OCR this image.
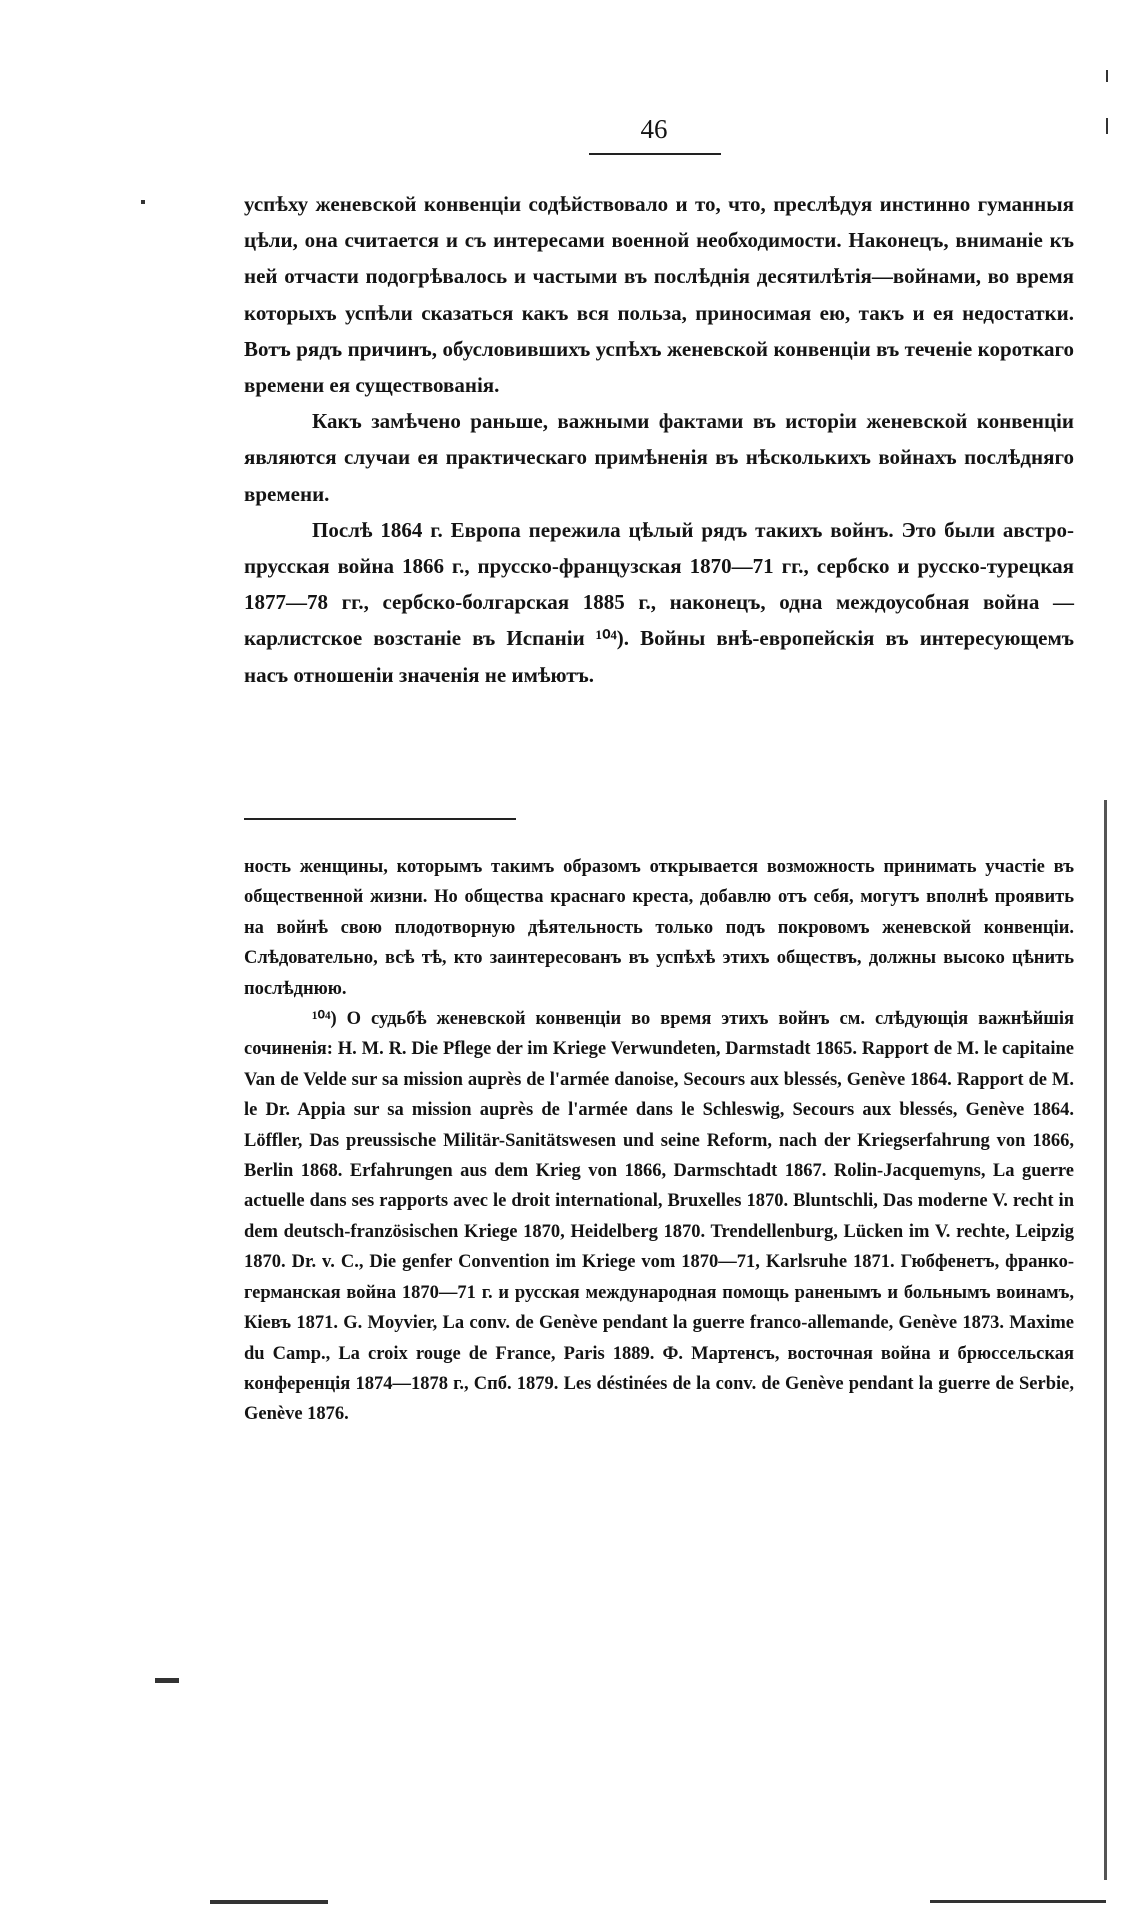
46

успѣху женевской конвенціи содѣйствовало и то, что, преслѣдуя инстинно гуманныя цѣли, она считается и съ интересами военной необходимости. Наконецъ, вниманіе къ ней отчасти подогрѣвалось и частыми въ послѣднія десятилѣтія—войнами, во время которыхъ успѣли сказаться какъ вся польза, приносимая ею, такъ и ея недостатки. Вотъ рядъ причинъ, обусловившихъ успѣхъ женевской конвенціи въ теченіе короткаго времени ея существованія.

Какъ замѣчено раньше, важными фактами въ исторіи женевской конвенціи являются случаи ея практическаго примѣненія въ нѣсколькихъ войнахъ послѣдняго времени.

Послѣ 1864 г. Европа пережила цѣлый рядъ такихъ войнъ. Это были австро-прусская война 1866 г., прусско-французская 1870—71 гг., сербско и русско-турецкая 1877—78 гг., сербско-болгарская 1885 г., наконецъ, одна междоусобная война — карлистское возстаніе въ Испаніи ¹⁰⁴). Войны внѣ-европейскія въ интересующемъ насъ отношеніи значенія не имѣютъ.

ность женщины, которымъ такимъ образомъ открывается возможность принимать участіе въ общественной жизни. Но общества краснаго креста, добавлю отъ себя, могутъ вполнѣ проявить на войнѣ свою плодотворную дѣятельность только подъ покровомъ женевской конвенціи. Слѣдовательно, всѣ тѣ, кто заинтересованъ въ успѣхѣ этихъ обществъ, должны высоко цѣнить послѣднюю.

¹⁰⁴) О судьбѣ женевской конвенціи во время этихъ войнъ см. слѣдующія важнѣйшія сочиненія: H. M. R. Die Pflege der im Kriege Verwundeten, Darmstadt 1865. Rapport de M. le capitaine Van de Velde sur sa mission auprès de l'armée danoise, Secours aux blessés, Genève 1864. Rapport de M. le Dr. Appia sur sa mission auprès de l'armée dans le Schleswig, Secours aux blessés, Genève 1864. Löffler, Das preussische Militär-Sanitätswesen und seine Reform, nach der Kriegserfahrung von 1866, Berlin 1868. Erfahrungen aus dem Krieg von 1866, Darmschtadt 1867. Rolin-Jacquemyns, La guerre actuelle dans ses rapports avec le droit international, Bruxelles 1870. Bluntschli, Das moderne V. recht in dem deutsch-französischen Kriege 1870, Heidelberg 1870. Trendellenburg, Lücken im V. rechte, Leipzig 1870. Dr. v. C., Die genfer Convention im Kriege vom 1870—71, Karlsruhe 1871. Гюбфенетъ, франко-германская война 1870—71 г. и русская международная помощь раненымъ и больнымъ воинамъ, Кіевъ 1871. G. Moyvier, La conv. de Genève pendant la guerre franco-allemande, Genève 1873. Maxime du Camp., La croix rouge de France, Paris 1889. Ф. Мартенсъ, восточная война и брюссельская конференція 1874—1878 г., Спб. 1879. Les déstinées de la conv. de Genève pendant la guerre de Serbie, Genève 1876.
